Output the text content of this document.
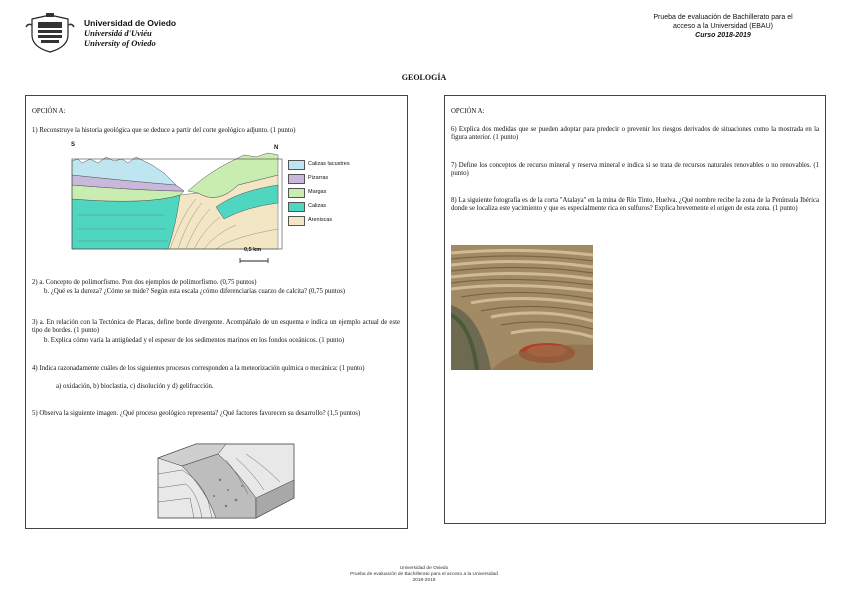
Universidad de Oviedo
Universidá d'Uviéu
University of Oviedo
Prueba de evaluación de Bachillerato para el
acceso a la Universidad (EBAU)
Curso 2018-2019
GEOLOGÍA
OPCIÓN A:
1) Reconstruye la historia geológica que se deduce a partir del corte geológico adjunto. (1 punto)
S	N
0,5 km
Calizas lacustres
Pizarras
Margas
Calizas
Areniscas
2) a. Concepto de polimorfismo. Pon dos ejemplos de polimorfismo. (0,75 puntos)
b. ¿Qué es la dureza? ¿Cómo se mide? Según esta escala ¿cómo diferenciarías cuarzo de calcita? (0,75 puntos)
3) a. En relación con la Tectónica de Placas, define borde divergente. Acompáñalo de un esquema e indica un ejemplo actual de este tipo de bordes. (1 punto)
b. Explica cómo varía la antigüedad y el espesor de los sedimentos marinos en los fondos oceánicos. (1 punto)
4) Indica razonadamente cuáles de los siguientes procesos corresponden a la meteorización química o mecánica: (1 punto)
a) oxidación, b) bioclastia, c) disolución y d) gelifracción.
5) Observa la siguiente imagen. ¿Qué proceso geológico representa? ¿Qué factores favorecen su desarrollo? (1,5 puntos)
OPCIÓN A:
6) Explica dos medidas que se pueden adoptar para predecir o prevenir los riesgos derivados de situaciones como la mostrada en la figura anterior. (1 punto)
7) Define los conceptos de recurso mineral y reserva mineral e indica si se trata de recursos naturales renovables o no renovables. (1 punto)
8) La siguiente fotografía es de la corta "Atalaya" en la mina de Río Tinto, Huelva. ¿Qué nombre recibe la zona de la Península Ibérica donde se localiza este yacimiento y que es especialmente rica en sulfuros? Explica brevemente el origen de esta zona. (1 punto)
Universidad de Oviedo
Prueba de evaluación de Bachillerato para el acceso a la Universidad
2018-2019
